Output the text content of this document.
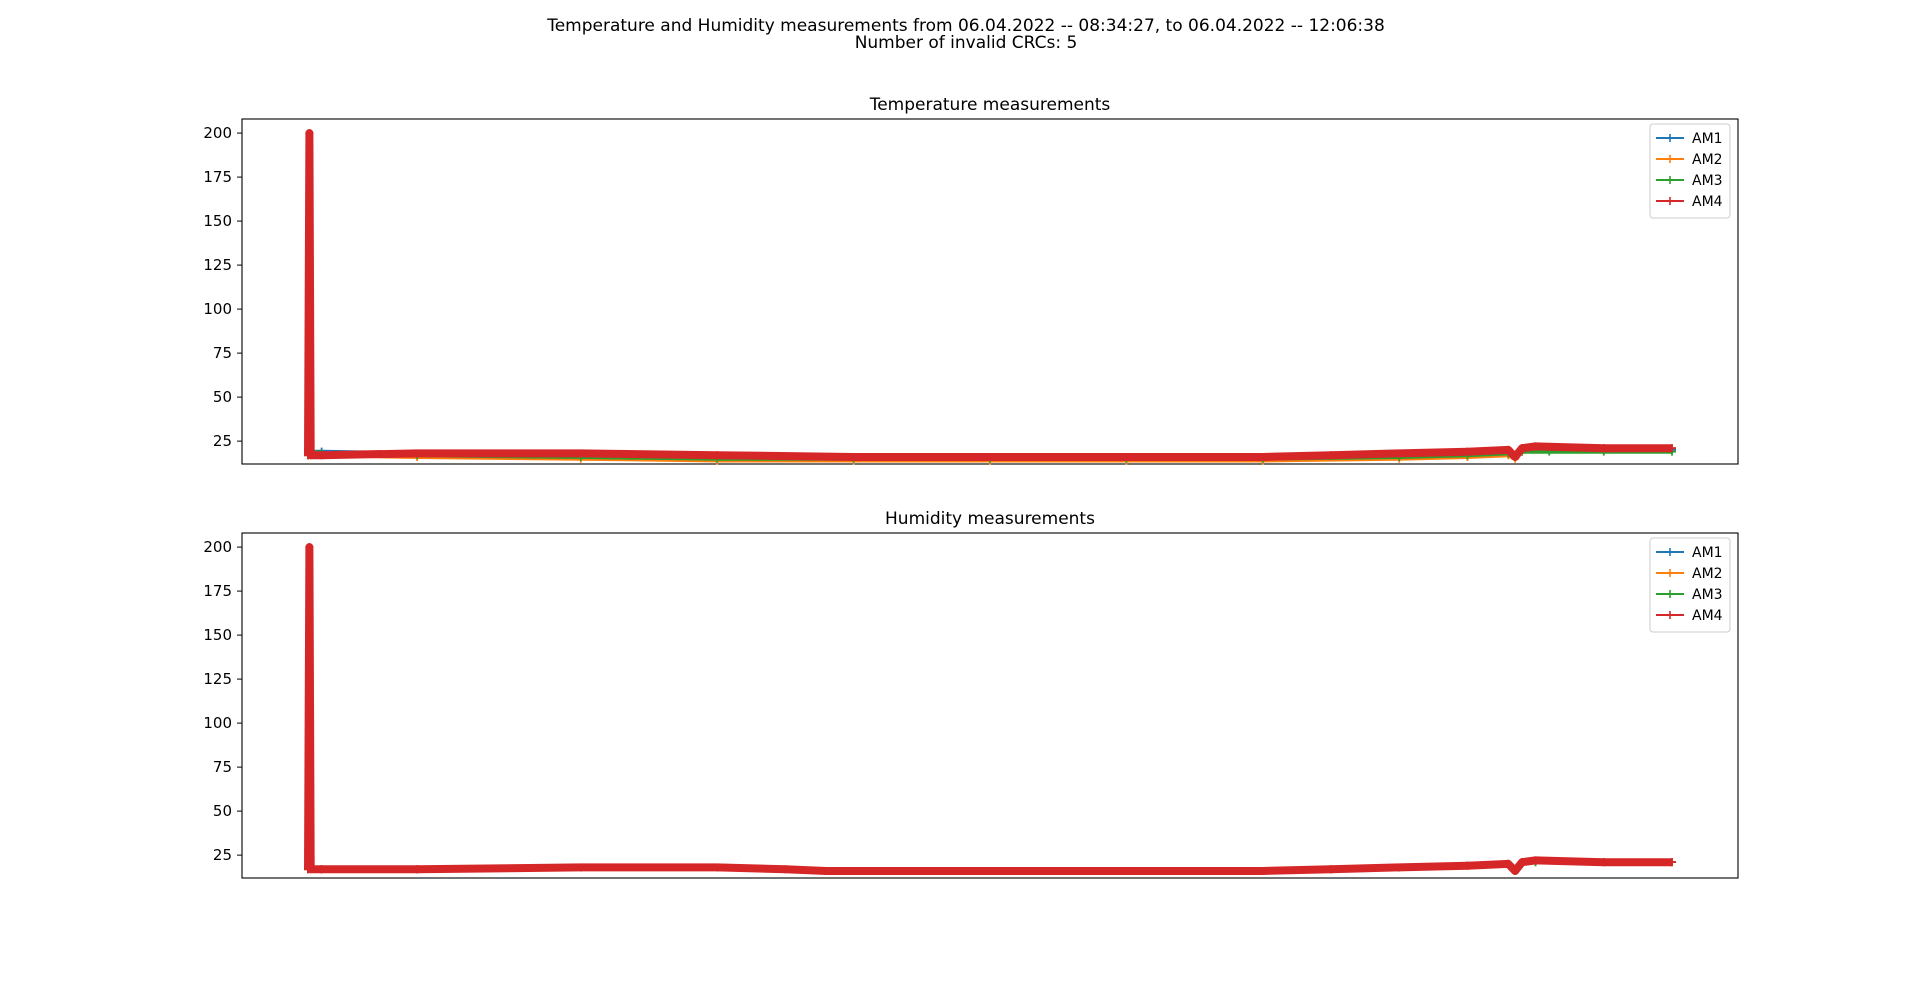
Temperature and Humidity measurements from 06.04.2022 -- 08:34:27, to 06.04.2022 -- 12:06:38
Number of invalid CRCs: 5
Temperature measurements
25
50
75
100
125
150
175
200	AM1
AM2
AM3
AM4
Humidity measurements
25
50
75
100
125
150
175
200	AM1
AM2
AM3
AM4
